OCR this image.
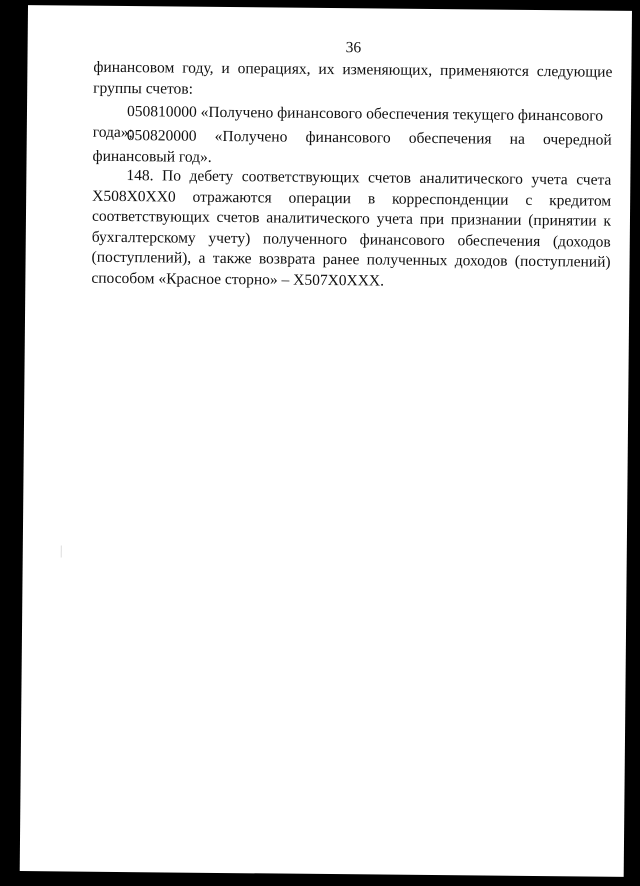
36

финансовом году, и операциях, их изменяющих, применяются следующие группы счетов:

050810000 «Получено финансового обеспечения текущего финансового года»;

050820000 «Получено финансового обеспечения на очередной финансовый год».

148. По дебету соответствующих счетов аналитического учета счета Х508Х0ХХ0 отражаются операции в корреспонденции с кредитом соответствующих счетов аналитического учета при признании (принятии к бухгалтерскому учету) полученного финансового обеспечения (доходов (поступлений), а также возврата ранее полученных доходов (поступлений) способом «Красное сторно» – Х507Х0ХХХ.
